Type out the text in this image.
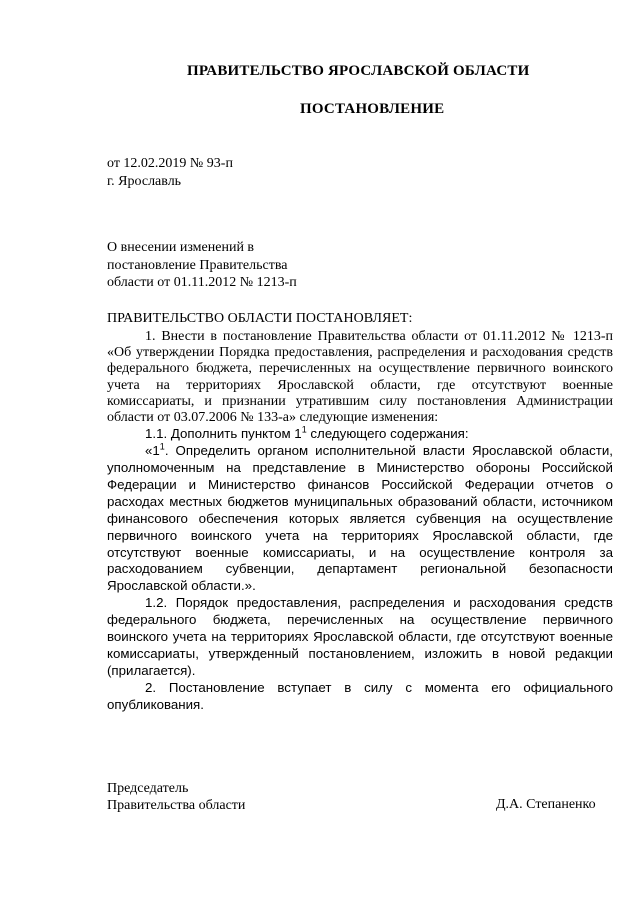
ПРАВИТЕЛЬСТВО ЯРОСЛАВСКОЙ ОБЛАСТИ
ПОСТАНОВЛЕНИЕ
от 12.02.2019 № 93-п
г. Ярославль
О внесении изменений в
постановление Правительства
области от 01.11.2012 № 1213-п
ПРАВИТЕЛЬСТВО ОБЛАСТИ ПОСТАНОВЛЯЕТ:

1. Внести в постановление Правительства области от 01.11.2012 № 1213-п «Об утверждении Порядка предоставления, распределения и расходования средств федерального бюджета, перечисленных на осуществление первичного воинского учета на территориях Ярославской области, где отсутствуют военные комиссариаты, и признании утратившим силу постановления Администрации области от 03.07.2006 № 133-а» следующие изменения:

1.1. Дополнить пунктом $1^1$ следующего содержания:

«$1^1$. Определить органом исполнительной власти Ярославской области, уполномоченным на представление в Министерство обороны Российской Федерации и Министерство финансов Российской Федерации отчетов о расходах местных бюджетов муниципальных образований области, источником финансового обеспечения которых является субвенция на осуществление первичного воинского учета на территориях Ярославской области, где отсутствуют военные комиссариаты, и на осуществление контроля за расходованием субвенции, департамент региональной безопасности Ярославской области.».

1.2. Порядок предоставления, распределения и расходования средств федерального бюджета, перечисленных на осуществление первичного воинского учета на территориях Ярославской области, где отсутствуют военные комиссариаты, утвержденный постановлением, изложить в новой редакции (прилагается).

2. Постановление вступает в силу с момента его официального опубликования.

Председатель
Правительства области	Д.А. Степаненко
